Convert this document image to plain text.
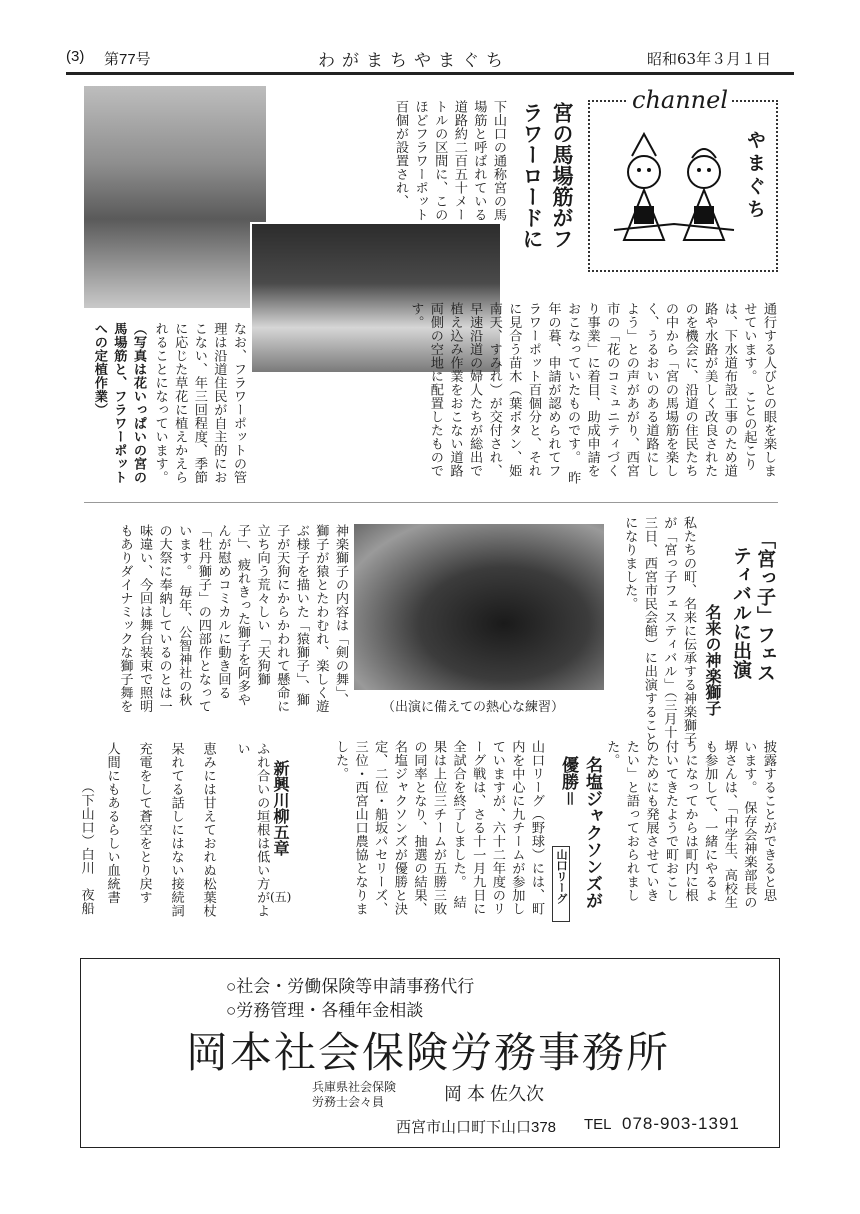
(3) 第77号	わがまちやまぐち	昭和63年３月１日
channel
やまぐち
宮の馬場筋がフ
ラワーロードに
下山口の通称宮の馬場筋と呼ばれている道路約二百五十メートルの区間に、このほどフラワーポット百個が設置され、
通行する人びとの眼を楽しませています。　ことの起こりは、下水道布設工事のため道路や水路が美しく改良されたのを機会に、沿道の住民たちの中から「宮の馬場筋を楽しく、うるおいのある道路にしよう」との声があがり、西宮市の「花のコミュニティづくり事業」に着目、助成申請をおこなっていたものです。　昨年の暮、申請が認められてフラワーポット百個分と、それに見合う苗木（葉ボタン、姫南天、すみれ）が交付され、早速沿道の婦人たちが総出で植え込み作業をおこない道路両側の空地に配置したものです。
なお、フラワーポットの管理は沿道住民が自主的におこない、年三回程度、季節に応じた草花に植えかえられることになっています。
（写真は花いっぱいの宮の馬場筋と、フラワーポットへの定植作業）
「宮っ子」フェス
ティバルに出演
名来の神楽獅子
私たちの町、名来に伝承する神楽獅子が「宮っ子フェスティバル」（三月十三日、西宮市民会館）に出演することになりました。
（出演に備えての熱心な練習）
神楽獅子の内容は「剣の舞」、獅子が猿とたわむれ、楽しく遊ぶ様子を描いた「猿獅子」、獅子が天狗にからかわれて懸命に立ち向う荒々しい「天狗獅子」、疲れきった獅子を阿多やんが慰めコミカルに動き回る「牡丹獅子」の四部作となっています。　毎年、公智神社の秋の大祭に奉納しているのとは一味違い、今回は舞台装束で照明もありダイナミックな獅子舞を
披露することができると思います。　保存会神楽部長の堺さんは、「中学生、高校生も参加して、一緒にやるようになってからは町内に根付いてきたようで町おこしのためにも発展させていきたい」と語っておられました。
名塩ジャクソンズが優勝＝
山口リーグ
山口リーグ（野球）には、町内を中心に九チームが参加していますが、六十二年度のリーグ戦は、さる十一月九日に全試合を終了しました。　結果は上位三チームが五勝三敗の同率となり、抽選の結果、名塩ジャクソンズが優勝と決定、二位・船坂パセリーズ、三位・西宮山口農協となりました。
新興川柳五章
(五)
ふれ合いの垣根は低い方がよい
恵みには甘えておれぬ松葉杖
呆れてる話しにはない接続詞
充電をして蒼空をとり戻す
人間にもあるらしい血統書
（下山口）白川　夜船
○社会・労働保険等申請事務代行
○労務管理・各種年金相談
岡本社会保険労務事務所
兵庫県社会保険
労務士会々員	岡 本 佐久次
西宮市山口町下山口378 TEL 078-903-1391
